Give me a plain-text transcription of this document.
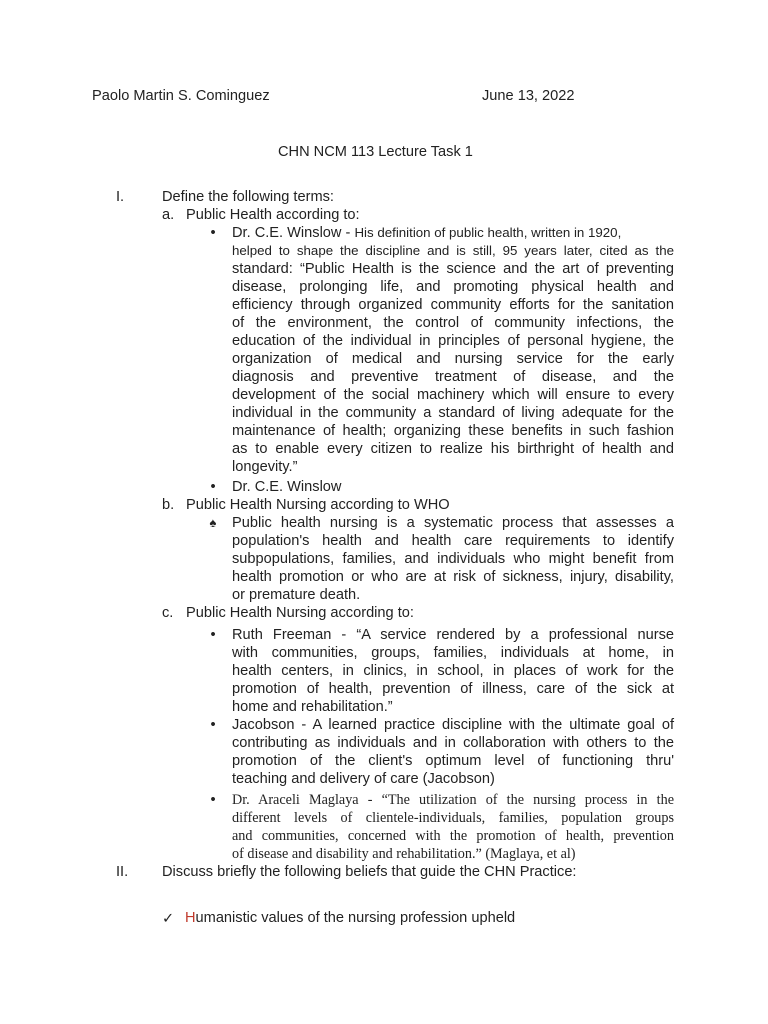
Paolo Martin S. Cominguez	June 13, 2022
CHN NCM 113 Lecture Task 1
I.	Define the following terms:
a. Public Health according to:
•	Dr. C.E. Winslow - His definition of public health, written in 1920,
helped to shape the discipline and is still, 95 years later, cited as the
standard: “Public Health is the science and the art of preventing
disease, prolonging life, and promoting physical health and
efficiency through organized community efforts for the sanitation
of the environment, the control of community infections, the
education of the individual in principles of personal hygiene, the
organization of medical and nursing service for the early
diagnosis and preventive treatment of disease, and the
development of the social machinery which will ensure to every
individual in the community a standard of living adequate for the
maintenance of health; organizing these benefits in such fashion
as to enable every citizen to realize his birthright of health and
longevity.”
•	Dr. C.E. Winslow
b. Public Health Nursing according to WHO
♠ Public health nursing is a systematic process that assesses a
population's health and health care requirements to identify
subpopulations, families, and individuals who might benefit from
health promotion or who are at risk of sickness, injury, disability,
or premature death.
c. Public Health Nursing according to:
•	Ruth Freeman - “A service rendered by a professional nurse
with communities, groups, families, individuals at home, in
health centers, in clinics, in school, in places of work for the
promotion of health, prevention of illness, care of the sick at
home and rehabilitation.”
•	Jacobson - A learned practice discipline with the ultimate goal of
contributing as individuals and in collaboration with others to the
promotion of the client's optimum level of functioning thru'
teaching and delivery of care (Jacobson)
•	Dr. Araceli Maglaya - “The utilization of the nursing process in the
different levels of clientele-individuals, families, population groups
and communities, concerned with the promotion of health, prevention
of disease and disability and rehabilitation.” (Maglaya, et al)
II. Discuss briefly the following beliefs that guide the CHN Practice:
✓ Humanistic values of the nursing profession upheld
